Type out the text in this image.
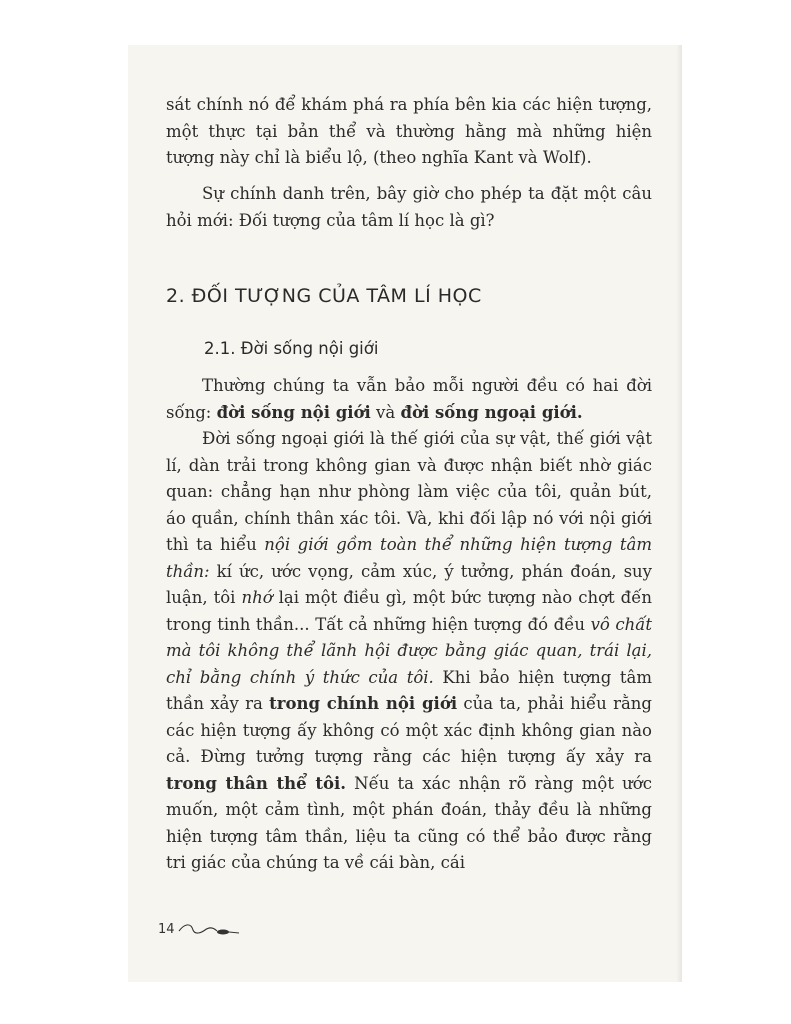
sát chính nó để khám phá ra phía bên kia các hiện tượng, một thực tại bản thể và thường hằng mà những hiện tượng này chỉ là biểu lộ, (theo nghĩa Kant và Wolf).

Sự chính danh trên, bây giờ cho phép ta đặt một câu hỏi mới: Đối tượng của tâm lí học là gì?

2. ĐỐI TƯỢNG CỦA TÂM LÍ HỌC
2.1. Đời sống nội giới

Thường chúng ta vẫn bảo mỗi người đều có hai đời sống: đời sống nội giới và đời sống ngoại giới.

Đời sống ngoại giới là thế giới của sự vật, thế giới vật lí, dàn trải trong không gian và được nhận biết nhờ giác quan: chẳng hạn như phòng làm việc của tôi, quản bút, áo quần, chính thân xác tôi. Và, khi đối lập nó với nội giới thì ta hiểu nội giới gồm toàn thể những hiện tượng tâm thần: kí ức, ước vọng, cảm xúc, ý tưởng, phán đoán, suy luận, tôi nhớ lại một điều gì, một bức tượng nào chợt đến trong tinh thần... Tất cả những hiện tượng đó đều vô chất mà tôi không thể lãnh hội được bằng giác quan, trái lại, chỉ bằng chính ý thức của tôi. Khi bảo hiện tượng tâm thần xảy ra trong chính nội giới của ta, phải hiểu rằng các hiện tượng ấy không có một xác định không gian nào cả. Đừng tưởng tượng rằng các hiện tượng ấy xảy ra trong thân thể tôi. Nếu ta xác nhận rõ ràng một ước muốn, một cảm tình, một phán đoán, thảy đều là những hiện tượng tâm thần, liệu ta cũng có thể bảo được rằng tri giác của chúng ta về cái bàn, cái

14
